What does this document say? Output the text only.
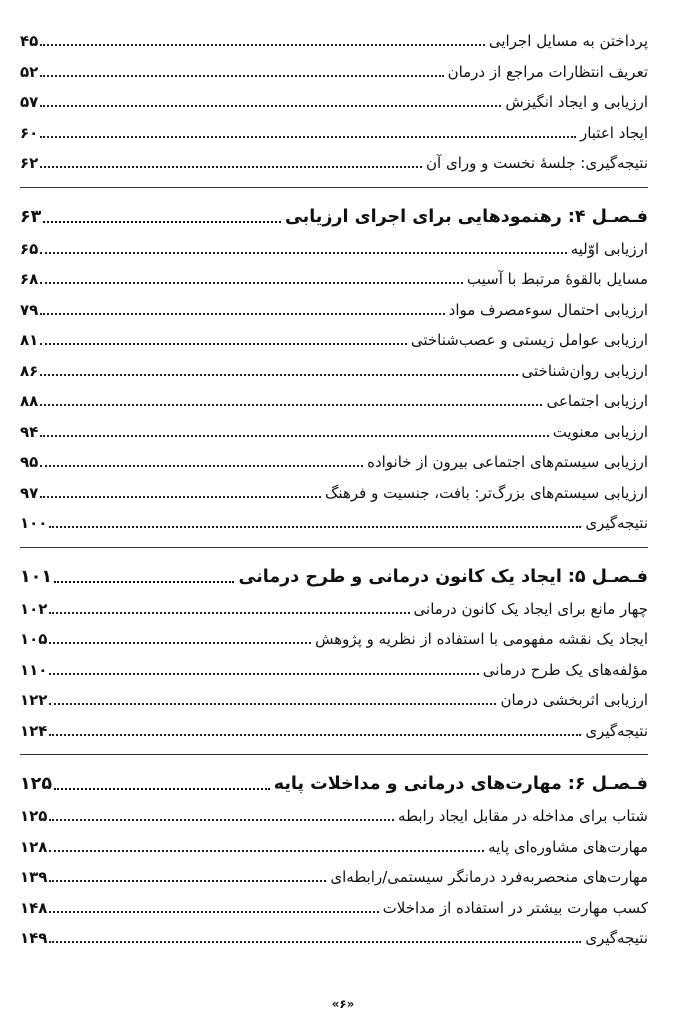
پرداختن به مسایل اجرایی
۴۵
تعریف انتظارات مراجع از درمان
۵۲
ارزیابی و ایجاد انگیزش
۵۷
ایجاد اعتبار
۶۰
نتیجه‌گیری: جلسهٔ نخست و ورای آن
۶۲
فـصـل ۴: رهنمودهایی برای اجرای ارزیابی
۶۳
ارزیابی اوّلیه
۶۵
مسایل بالقوهٔ مرتبط با آسیب
۶۸
ارزیابی احتمال سوءمصرف مواد
۷۹
ارزیابی عوامل زیستی و عصب‌شناختی
۸۱
ارزیابی روان‌شناختی
۸۶
ارزیابی اجتماعی
۸۸
ارزیابی معنویت
۹۴
ارزیابی سیستم‌های اجتماعی بیرون از خانواده
۹۵
ارزیابی سیستم‌های بزرگ‌تر: بافت، جنسیت و فرهنگ
۹۷
نتیجه‌گیری
۱۰۰
فـصـل ۵: ایجاد یک کانون درمانی و طرح درمانی
۱۰۱
چهار مانع برای ایجاد یک کانون درمانی
۱۰۲
ایجاد یک نقشه مفهومی با استفاده از نظریه و پژوهش
۱۰۵
مؤلفه‌های یک طرح درمانی
۱۱۰
ارزیابی اثربخشی درمان
۱۲۲
نتیجه‌گیری
۱۲۴
فـصـل ۶: مهارت‌های درمانی و مداخلات پایه
۱۲۵
شتاب برای مداخله در مقابل ایجاد رابطه
۱۲۵
مهارت‌های مشاوره‌ای پایه
۱۲۸
مهارت‌های منحصربه‌فرد درمانگر سیستمی/رابطه‌ای
۱۳۹
کسب مهارت بیشتر در استفاده از مداخلات
۱۴۸
نتیجه‌گیری
۱۴۹
«۶»
